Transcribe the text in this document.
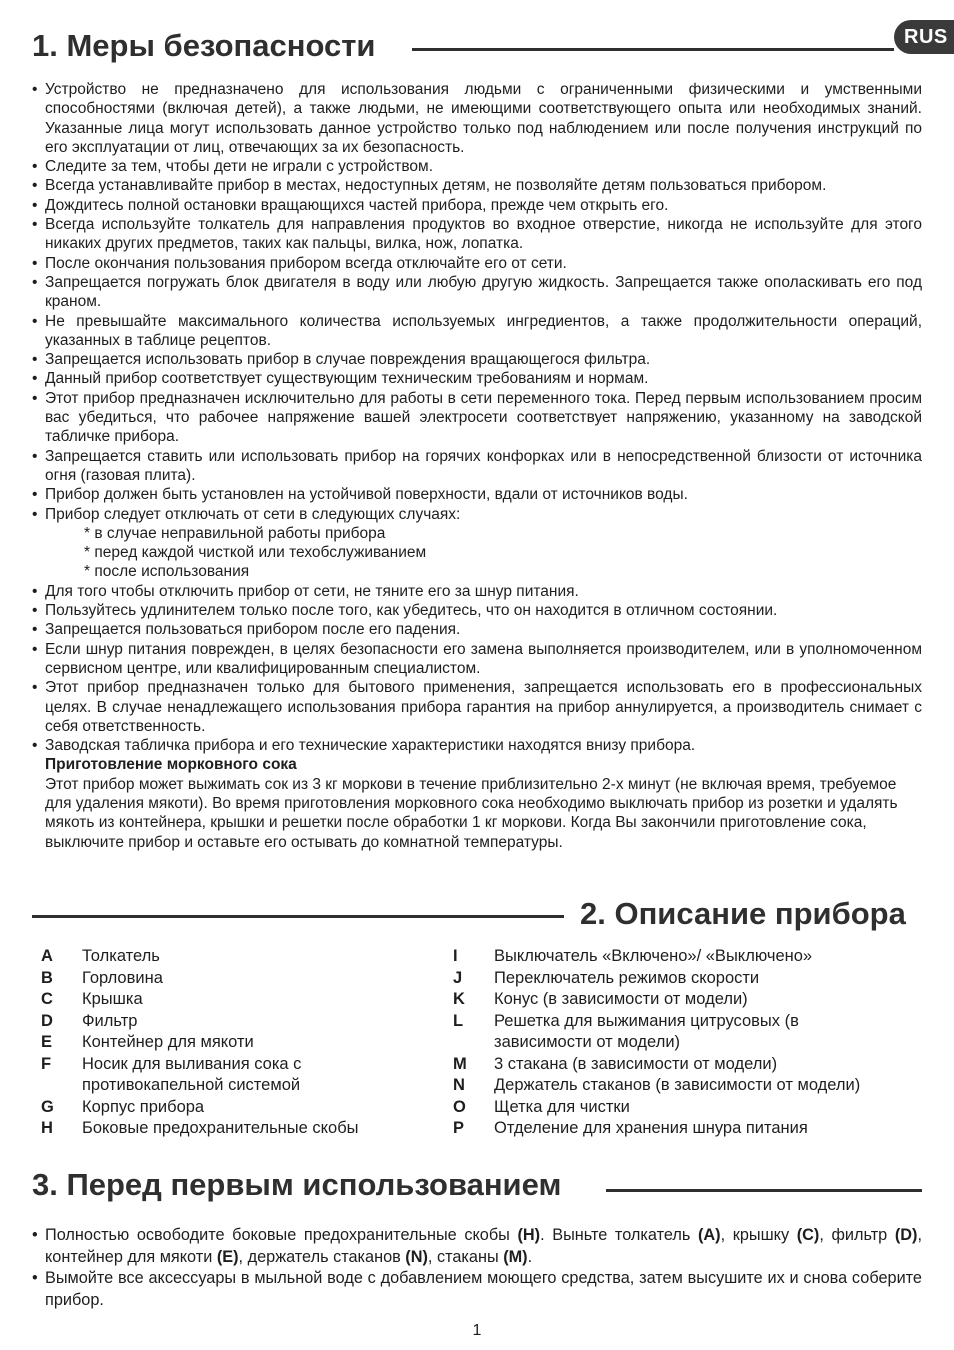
RUS
1. Меры безопасности
• Устройство не предназначено для использования людьми с ограниченными физическими и умственными способностями (включая детей), а также людьми, не имеющими соответствующего опыта или необходимых знаний. Указанные лица могут использовать данное устройство только под наблюдением или после получения инструкций по его эксплуатации от лиц, отвечающих за их безопасность.
• Следите за тем, чтобы дети не играли с устройством.
• Всегда устанавливайте прибор в местах, недоступных детям, не позволяйте детям пользоваться прибором.
• Дождитесь полной остановки вращающихся частей прибора, прежде чем открыть его.
• Всегда используйте толкатель для направления продуктов во входное отверстие, никогда не используйте для этого никаких других предметов, таких как пальцы, вилка, нож, лопатка.
• После окончания пользования прибором всегда отключайте его от сети.
• Запрещается погружать блок двигателя в воду или любую другую жидкость. Запрещается также ополаскивать его под краном.
• Не превышайте максимального количества используемых ингредиентов, а также продолжительности операций, указанных в таблице рецептов.
• Запрещается использовать прибор в случае повреждения вращающегося фильтра.
• Данный прибор соответствует существующим техническим требованиям и нормам.
• Этот прибор предназначен исключительно для работы в сети переменного тока. Перед первым использованием просим вас убедиться, что рабочее напряжение вашей электросети соответствует напряжению, указанному на заводской табличке прибора.
• Запрещается ставить или использовать прибор на горячих конфорках или в непосредственной близости от источника огня (газовая плита).
• Прибор должен быть установлен на устойчивой поверхности, вдали от источников воды.
• Прибор следует отключать от сети в следующих случаях:
* в случае неправильной работы прибора
* перед каждой чисткой или техобслуживанием
* после использования
• Для того чтобы отключить прибор от сети, не тяните его за шнур питания.
• Пользуйтесь удлинителем только после того, как убедитесь, что он находится в отличном состоянии.
• Запрещается пользоваться прибором после его падения.
• Если шнур питания поврежден, в целях безопасности его замена выполняется производителем, или в уполномоченном сервисном центре, или квалифицированным специалистом.
• Этот прибор предназначен только для бытового применения, запрещается использовать его в профессиональных целях. В случае ненадлежащего использования прибора гарантия на прибор аннулируется, а производитель снимает с себя ответственность.
• Заводская табличка прибора и его технические характеристики находятся внизу прибора.
Приготовление морковного сока
Этот прибор может выжимать сок из 3 кг моркови в течение приблизительно 2-х минут (не включая время, требуемое для удаления мякоти). Во время приготовления морковного сока необходимо выключать прибор из розетки и удалять мякоть из контейнера, крышки и решетки после обработки 1 кг моркови. Когда Вы закончили приготовление сока, выключите прибор и оставьте его остывать до комнатной температуры.
2. Описание прибора
A	Толкатель
B	Горловина
C	Крышка
D	Фильтр
E	Контейнер для мякоти
F	Носик для выливания сока с противокапельной системой
G	Корпус прибора
H	Боковые предохранительные скобы
I	Выключатель «Включено»/ «Выключено»
J	Переключатель режимов скорости
K	Конус (в зависимости от модели)
L	Решетка для выжимания цитрусовых (в зависимости от модели)
M	3 стакана (в зависимости от модели)
N	Держатель стаканов (в зависимости от модели)
O	Щетка для чистки
P	Отделение для хранения шнура питания
3. Перед первым использованием
• Полностью освободите боковые предохранительные скобы (H). Выньте толкатель (A), крышку (C), фильтр (D), контейнер для мякоти (E), держатель стаканов (N), стаканы (M).
• Вымойте все аксессуары в мыльной воде с добавлением моющего средства, затем высушите их и снова соберите прибор.
1
